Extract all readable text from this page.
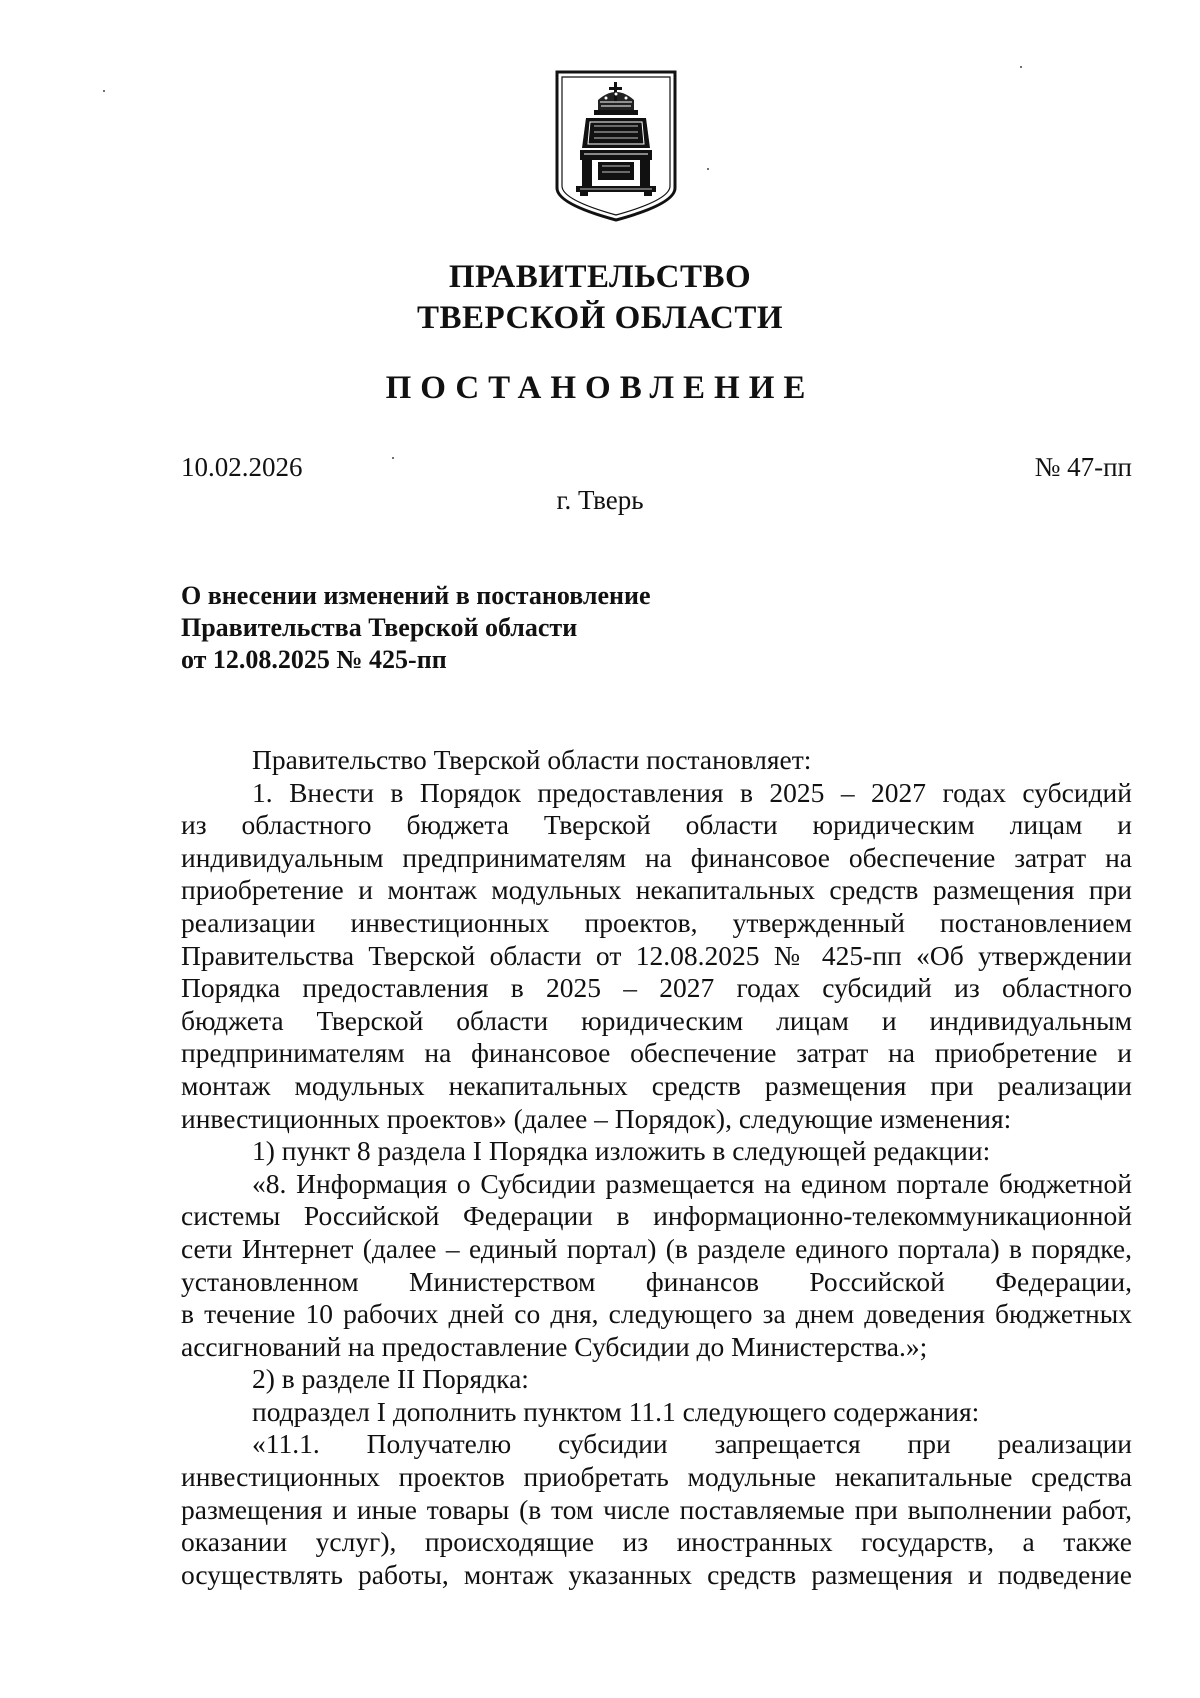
ПРАВИТЕЛЬСТВО
ТВЕРСКОЙ ОБЛАСТИ
ПОСТАНОВЛЕНИЕ
10.02.2026	№ 47-пп
г. Тверь
О внесении изменений в постановление
Правительства Тверской области
от 12.08.2025 № 425-пп
Правительство Тверской области постановляет:
1. Внести в Порядок предоставления в 2025 – 2027 годах субсидий
из областного бюджета Тверской области юридическим лицам и
индивидуальным предпринимателям на финансовое обеспечение затрат на
приобретение и монтаж модульных некапитальных средств размещения при
реализации инвестиционных проектов, утвержденный постановлением
Правительства Тверской области от 12.08.2025 № 425-пп «Об утверждении
Порядка предоставления в 2025 – 2027 годах субсидий из областного
бюджета Тверской области юридическим лицам и индивидуальным
предпринимателям на финансовое обеспечение затрат на приобретение и
монтаж модульных некапитальных средств размещения при реализации
инвестиционных проектов» (далее – Порядок), следующие изменения:
1) пункт 8 раздела I Порядка изложить в следующей редакции:
«8. Информация о Субсидии размещается на едином портале бюджетной
системы Российской Федерации в информационно-телекоммуникационной
сети Интернет (далее – единый портал) (в разделе единого портала) в порядке,
установленном Министерством финансов Российской Федерации,
в течение 10 рабочих дней со дня, следующего за днем доведения бюджетных
ассигнований на предоставление Субсидии до Министерства.»;
2) в разделе II Порядка:
подраздел I дополнить пунктом 11.1 следующего содержания:
«11.1. Получателю субсидии запрещается при реализации
инвестиционных проектов приобретать модульные некапитальные средства
размещения и иные товары (в том числе поставляемые при выполнении работ,
оказании услуг), происходящие из иностранных государств, а также
осуществлять работы, монтаж указанных средств размещения и подведение
